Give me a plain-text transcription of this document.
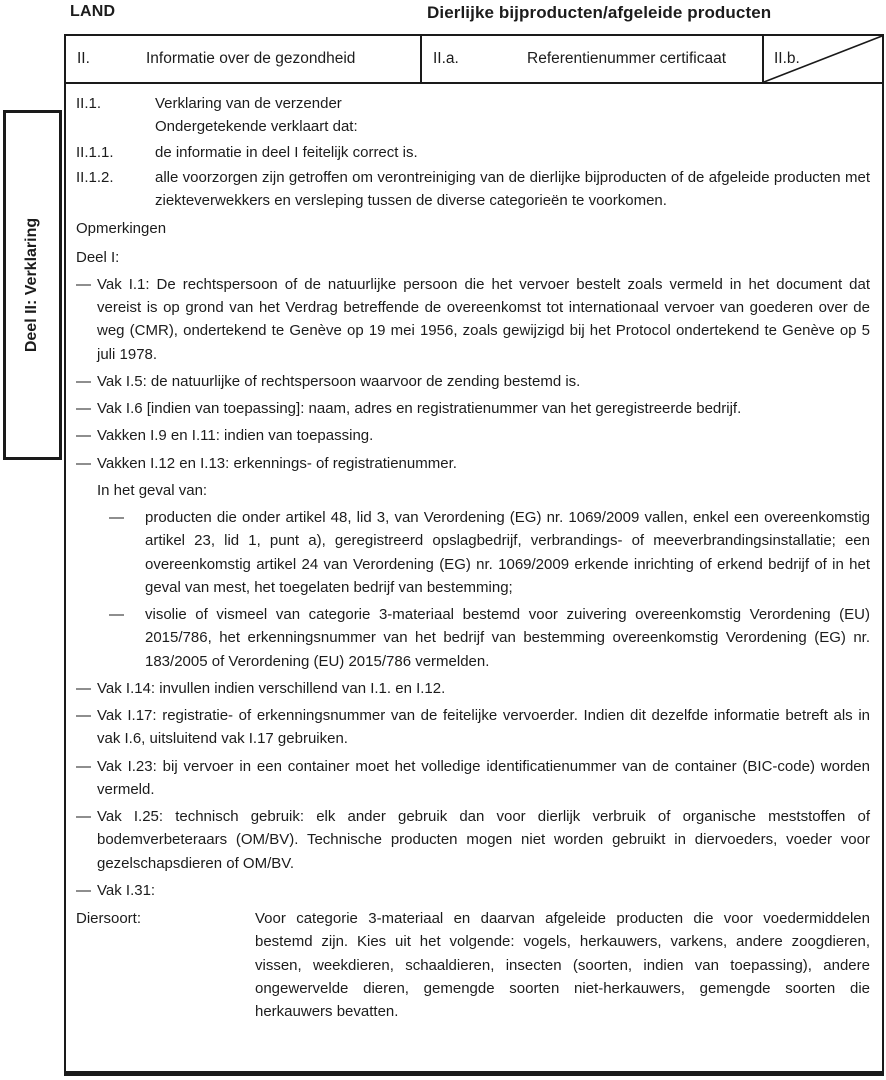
LAND	Dierlijke bijproducten/afgeleide producten
Deel II: Verklaring
II.	Informatie over de gezondheid	II.a.	Referentienummer certificaat	II.b.
II.1.	Verklaring van de verzender
Ondergetekende verklaart dat:
II.1.1.	de informatie in deel I feitelijk correct is.
II.1.2.	alle voorzorgen zijn getroffen om verontreiniging van de dierlijke bijproducten of de afgeleide producten met ziekteverwekkers en versleping tussen de diverse categorieën te voorkomen.
Opmerkingen
Deel I:
— Vak I.1: De rechtspersoon of de natuurlijke persoon die het vervoer bestelt zoals vermeld in het document dat vereist is op grond van het Verdrag betreffende de overeenkomst tot internationaal vervoer van goederen over de weg (CMR), ondertekend te Genève op 19 mei 1956, zoals gewijzigd bij het Protocol ondertekend te Genève op 5 juli 1978.
— Vak I.5: de natuurlijke of rechtspersoon waarvoor de zending bestemd is.
— Vak I.6 [indien van toepassing]: naam, adres en registratienummer van het geregistreerde bedrijf.
— Vakken I.9 en I.11: indien van toepassing.
— Vakken I.12 en I.13: erkennings- of registratienummer.
In het geval van:
—	producten die onder artikel 48, lid 3, van Verordening (EG) nr. 1069/2009 vallen, enkel een overeenkomstig artikel 23, lid 1, punt a), geregistreerd opslagbedrijf, verbrandings- of meeverbrandingsinstallatie; een overeenkomstig artikel 24 van Verordening (EG) nr. 1069/2009 erkende inrichting of erkend bedrijf of in het geval van mest, het toegelaten bedrijf van bestemming;
—	visolie of vismeel van categorie 3-materiaal bestemd voor zuivering overeenkomstig Verordening (EU) 2015/786, het erkenningsnummer van het bedrijf van bestemming overeenkomstig Verordening (EG) nr. 183/2005 of Verordening (EU) 2015/786 vermelden.
— Vak I.14: invullen indien verschillend van I.1. en I.12.
— Vak I.17: registratie- of erkenningsnummer van de feitelijke vervoerder. Indien dit dezelfde informatie betreft als in vak I.6, uitsluitend vak I.17 gebruiken.
— Vak I.23: bij vervoer in een container moet het volledige identificatienummer van de container (BIC-code) worden vermeld.
— Vak I.25: technisch gebruik: elk ander gebruik dan voor dierlijk verbruik of organische meststoffen of bodemverbeteraars (OM/BV). Technische producten mogen niet worden gebruikt in diervoeders, voeder voor gezelschapsdieren of OM/BV.
— Vak I.31:
Diersoort:	Voor categorie 3-materiaal en daarvan afgeleide producten die voor voedermiddelen bestemd zijn. Kies uit het volgende: vogels, herkauwers, varkens, andere zoogdieren, vissen, weekdieren, schaaldieren, insecten (soorten, indien van toepassing), andere ongewervelde dieren, gemengde soorten niet-herkauwers, gemengde soorten die herkauwers bevatten.
